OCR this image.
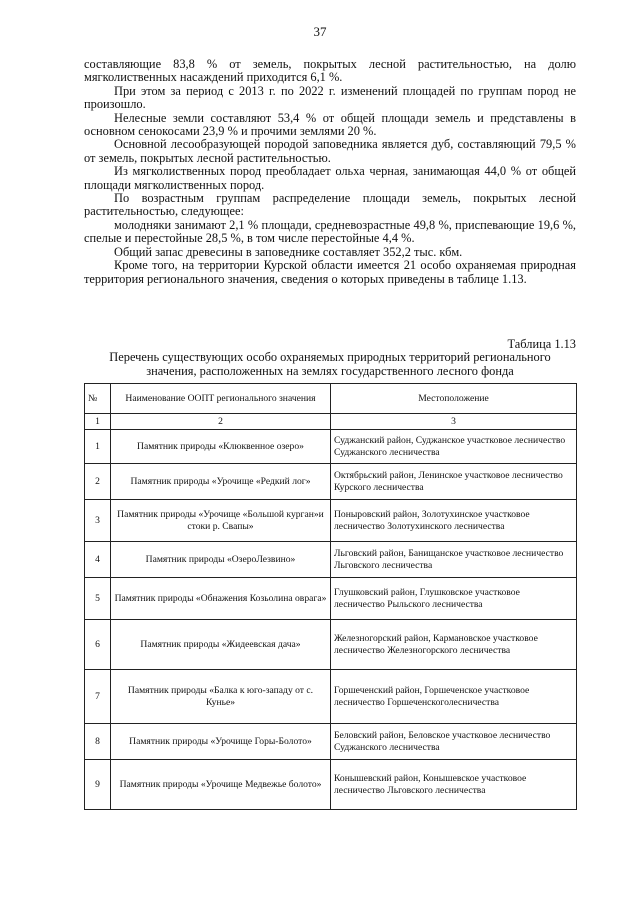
37

составляющие 83,8 % от земель, покрытых лесной растительностью, на долю мягколиственных насаждений приходится 6,1 %.

При этом за период с 2013 г. по 2022 г. изменений площадей по группам пород не произошло.

Нелесные земли составляют 53,4 % от общей площади земель и представлены в основном сенокосами 23,9 % и прочими землями 20 %.

Основной лесообразующей породой заповедника является дуб, составляющий 79,5 % от земель, покрытых лесной растительностью.

Из мягколиственных пород преобладает ольха черная, занимающая 44,0 % от общей площади мягколиственных пород.

По возрастным группам распределение площади земель, покрытых лесной растительностью, следующее:

молодняки занимают 2,1 % площади, средневозрастные 49,8 %, приспевающие 19,6 %, спелые и перестойные 28,5 %, в том числе перестойные 4,4 %.

Общий запас древесины в заповеднике составляет 352,2 тыс. кбм.

Кроме того, на территории Курской области имеется 21 особо охраняемая природная территория регионального значения, сведения о которых приведены в таблице 1.13.

Таблица 1.13
Перечень существующих особо охраняемых природных территорий регионального значения, расположенных на землях государственного лесного фонда
№	Наименование ООПТ регионального значения	Местоположение
1	2	3
1	Памятник природы «Клюквенное озеро»	Суджанский район, Суджанское участковое лесничество Суджанского лесничества
2	Памятник природы «Урочище «Редкий лог»	Октябрьский район, Ленинское участковое лесничество Курского лесничества
3	Памятник природы «Урочище «Большой курган»и стоки р. Свапы»	Поныровский район, Золотухинское участковое лесничество Золотухинского лесничества
4	Памятник природы «ОзероЛезвино»	Льговский район, Банищанское участковое лесничество Льговского лесничества
5	Памятник природы «Обнажения Козьолина оврага»	Глушковский район, Глушковское участковое лесничество Рыльского лесничества
6	Памятник природы «Жидеевская дача»	Железногорский район, Кармановское участковое лесничество Железногорского лесничества
7	Памятник природы «Балка к юго-западу от с. Кунье»	Горшеченский район, Горшеченское участковое лесничество Горшеченскоголесничества
8	Памятник природы «Урочище Горы-Болото»	Беловский район, Беловское участковое лесничество Суджанского лесничества
9	Памятник природы «Урочище Медвежье болото»	Конышевский район, Конышевское участковое лесничество Льговского лесничества
